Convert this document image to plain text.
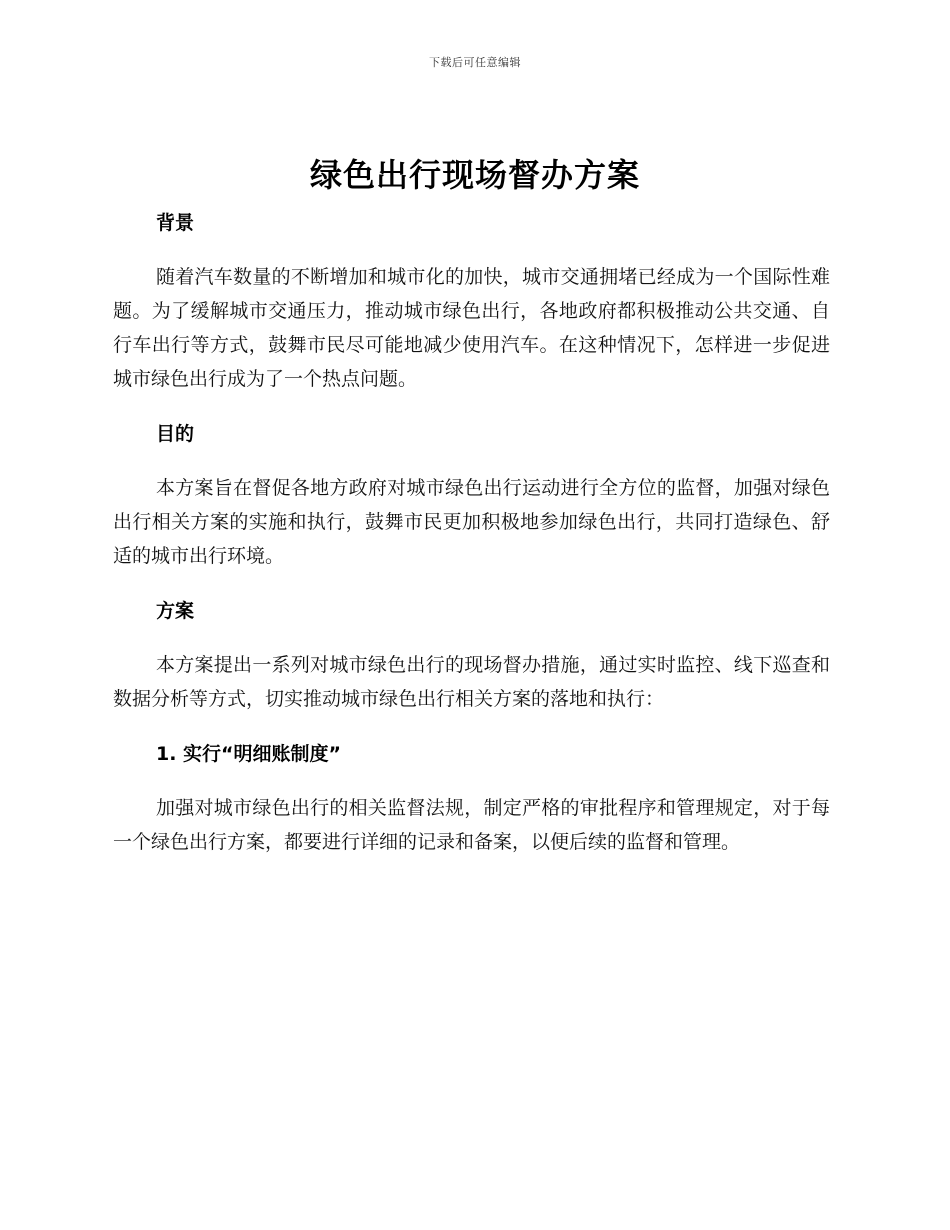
下载后可任意编辑
绿色出行现场督办方案
背景

随着汽车数量的不断增加和城市化的加快，城市交通拥堵已经成为一个国际性难题。为了缓解城市交通压力，推动城市绿色出行，各地政府都积极推动公共交通、自行车出行等方式，鼓舞市民尽可能地减少使用汽车。在这种情况下，怎样进一步促进城市绿色出行成为了一个热点问题。

目的

本方案旨在督促各地方政府对城市绿色出行运动进行全方位的监督，加强对绿色出行相关方案的实施和执行，鼓舞市民更加积极地参加绿色出行，共同打造绿色、舒适的城市出行环境。

方案

本方案提出一系列对城市绿色出行的现场督办措施，通过实时监控、线下巡查和数据分析等方式，切实推动城市绿色出行相关方案的落地和执行：

1. 实行“明细账制度”

加强对城市绿色出行的相关监督法规，制定严格的审批程序和管理规定，对于每一个绿色出行方案，都要进行详细的记录和备案，以便后续的监督和管理。
